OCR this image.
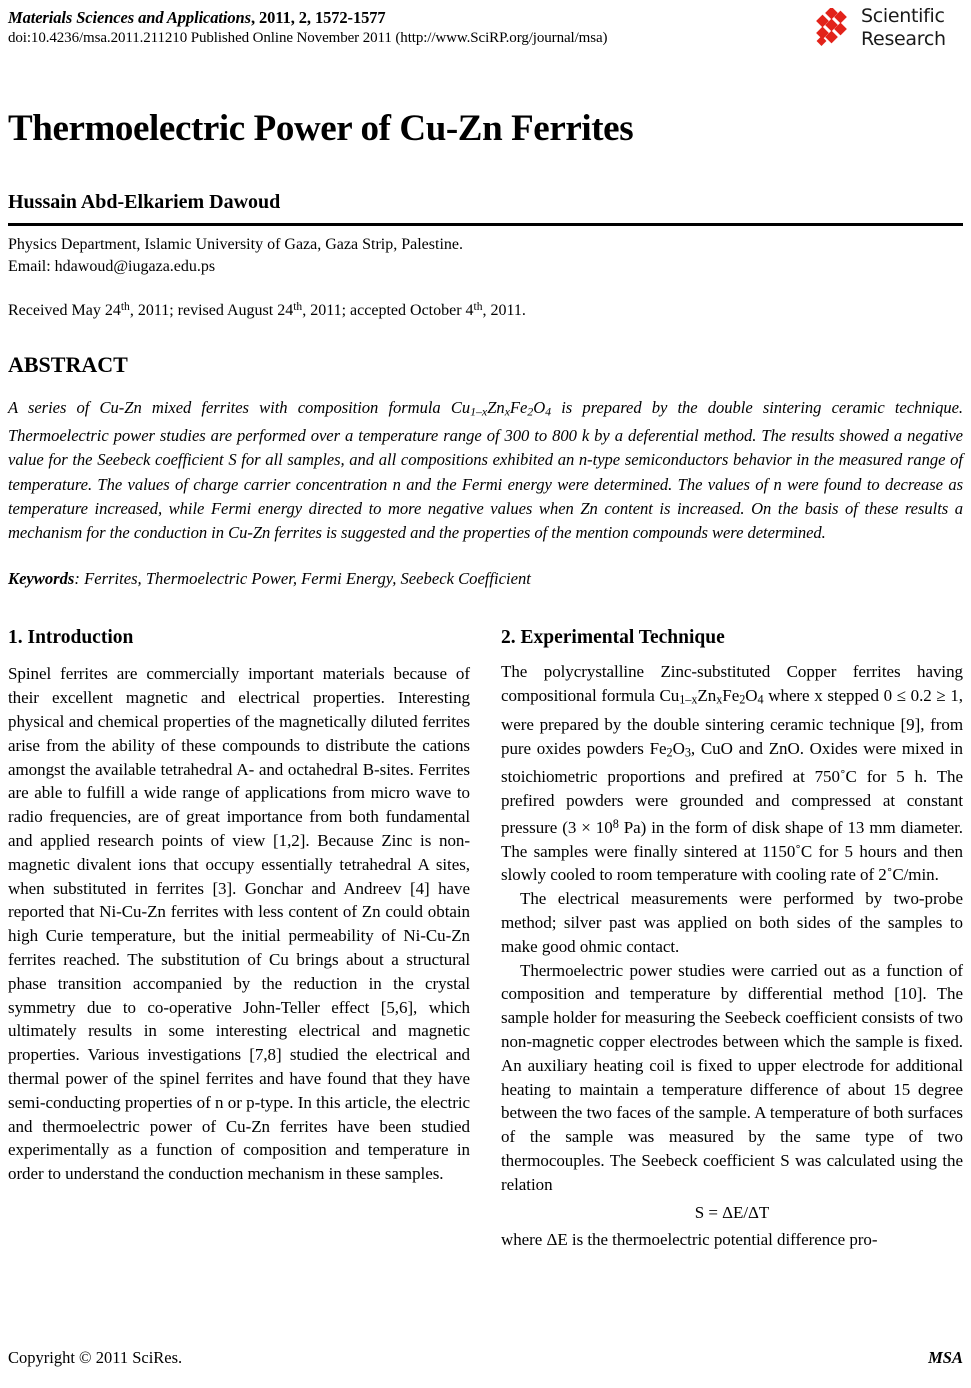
Materials Sciences and Applications, 2011, 2, 1572-1577
doi:10.4236/msa.2011.211210 Published Online November 2011 (http://www.SciRP.org/journal/msa)
Scientific
Research
Thermoelectric Power of Cu-Zn Ferrites
Hussain Abd-Elkariem Dawoud
Physics Department, Islamic University of Gaza, Gaza Strip, Palestine.
Email: hdawoud@iugaza.edu.ps
Received May 24th, 2011; revised August 24th, 2011; accepted October 4th, 2011.
ABSTRACT

A series of Cu-Zn mixed ferrites with composition formula $Cu_{1-x}Zn_xFe_2O_4$ is prepared by the double sintering ceramic technique. Thermoelectric power studies are performed over a temperature range of 300 to 800 k by a deferential method. The results showed a negative value for the Seebeck coefficient S for all samples, and all compositions exhibited an n-type semiconductors behavior in the measured range of temperature. The values of charge carrier concentration n and the Fermi energy were determined. The values of n were found to decrease as temperature increased, while Fermi energy directed to more negative values when Zn content is increased. On the basis of these results a mechanism for the conduction in Cu-Zn ferrites is suggested and the properties of the mention compounds were determined.

Keywords: Ferrites, Thermoelectric Power, Fermi Energy, Seebeck Coefficient

1. Introduction

Spinel ferrites are commercially important materials because of their excellent magnetic and electrical properties. Interesting physical and chemical properties of the magnetically diluted ferrites arise from the ability of these compounds to distribute the cations amongst the available tetrahedral A- and octahedral B-sites. Ferrites are able to fulfill a wide range of applications from micro wave to radio frequencies, are of great importance from both fundamental and applied research points of view [1,2]. Because Zinc is non-magnetic divalent ions that occupy essentially tetrahedral A sites, when substituted in ferrites [3]. Gonchar and Andreev [4] have reported that Ni-Cu-Zn ferrites with less content of Zn could obtain high Curie temperature, but the initial permeability of Ni-Cu-Zn ferrites reached. The substitution of Cu brings about a structural phase transition accompanied by the reduction in the crystal symmetry due to co-operative John-Teller effect [5,6], which ultimately results in some interesting electrical and magnetic properties. Various investigations [7,8] studied the electrical and thermal power of the spinel ferrites and have found that they have semi-conducting properties of n or p-type. In this article, the electric and thermoelectric power of Cu-Zn ferrites have been studied experimentally as a function of composition and temperature in order to understand the conduction mechanism in these samples.

2. Experimental Technique

The polycrystalline Zinc-substituted Copper ferrites having compositional formula $Cu_{1-x}Zn_xFe_2O_4$ where x stepped 0 ≤ 0.2 ≥ 1, were prepared by the double sintering ceramic technique [9], from pure oxides powders $Fe_2O_3$, CuO and ZnO. Oxides were mixed in stoichiometric proportions and prefired at 750˚C for 5 h. The prefired powders were grounded and compressed at constant pressure ($3 \times 10^8$ Pa) in the form of disk shape of 13 mm diameter. The samples were finally sintered at 1150˚C for 5 hours and then slowly cooled to room temperature with cooling rate of 2˚C/min.

The electrical measurements were performed by two-probe method; silver past was applied on both sides of the samples to make good ohmic contact.

Thermoelectric power studies were carried out as a function of composition and temperature by differential method [10]. The sample holder for measuring the Seebeck coefficient consists of two non-magnetic copper electrodes between which the sample is fixed. An auxiliary heating coil is fixed to upper electrode for additional heating to maintain a temperature difference of about 15 degree between the two faces of the sample. A temperature of both surfaces of the sample was measured by the same type of two thermocouples. The Seebeck coefficient S was calculated using the relation

S = ΔE/ΔT

where ΔE is the thermoelectric potential difference pro-

Copyright © 2011 SciRes.	MSA
